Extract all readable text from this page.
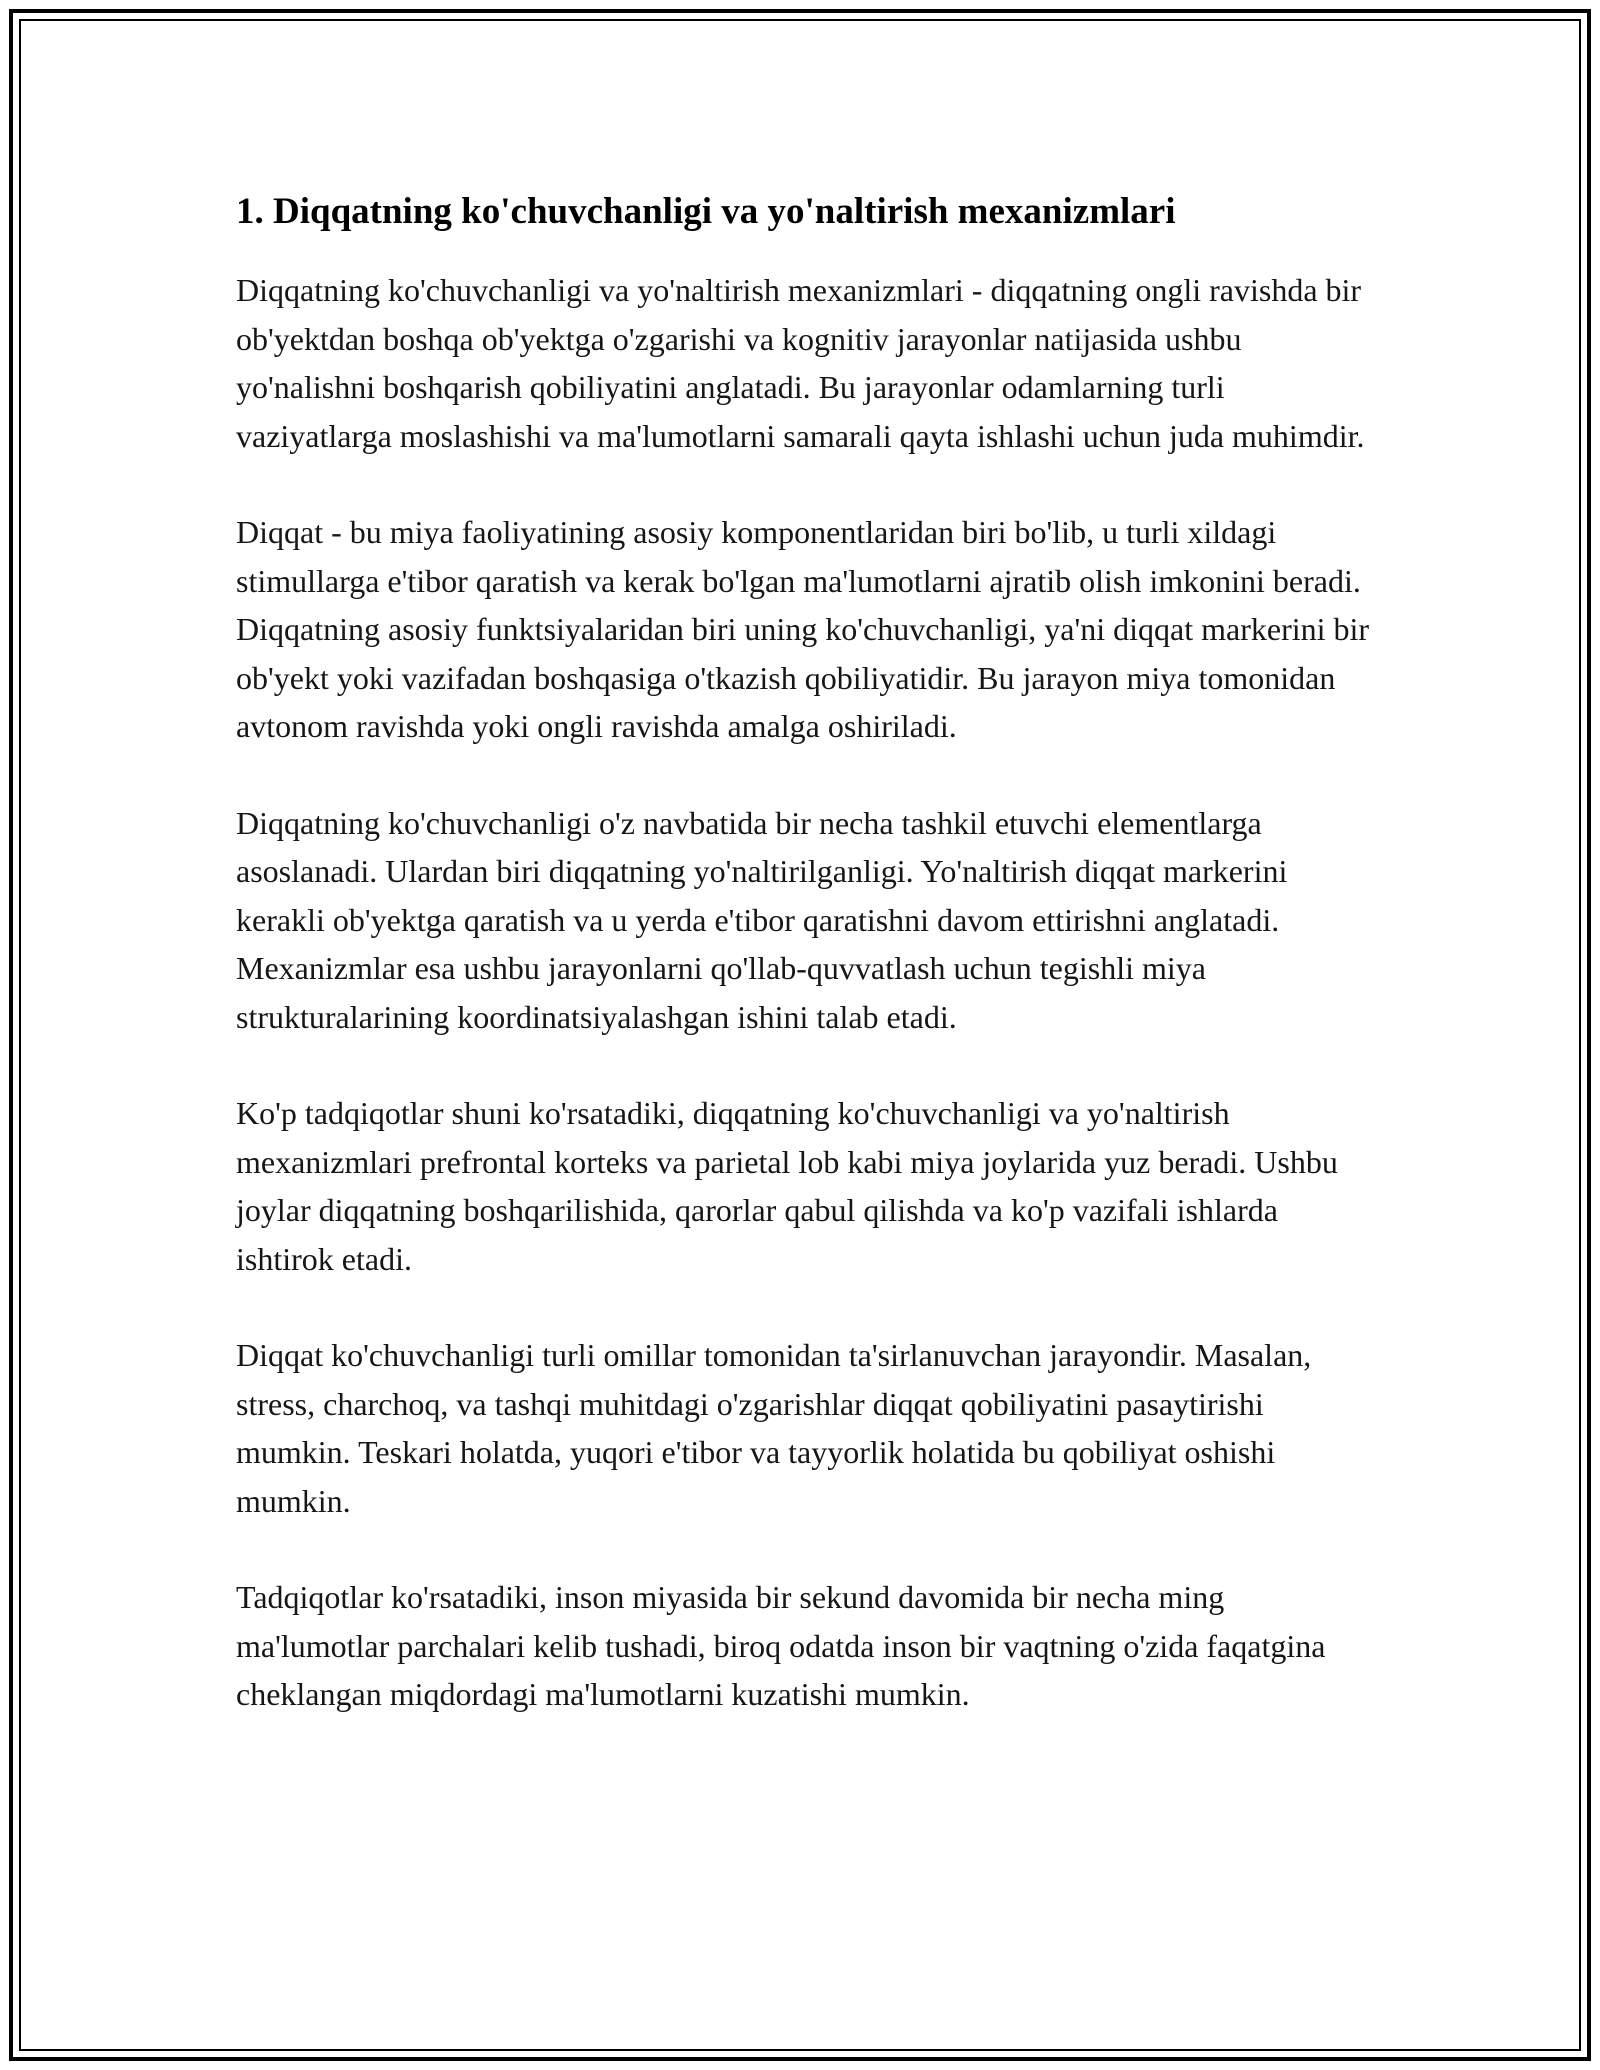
1. Diqqatning ko'chuvchanligi va yo'naltirish mexanizmlari

Diqqatning ko'chuvchanligi va yo'naltirish mexanizmlari - diqqatning ongli ravishda bir ob'yektdan boshqa ob'yektga o'zgarishi va kognitiv jarayonlar natijasida ushbu yo'nalishni boshqarish qobiliyatini anglatadi. Bu jarayonlar odamlarning turli vaziyatlarga moslashishi va ma'lumotlarni samarali qayta ishlashi uchun juda muhimdir.

Diqqat - bu miya faoliyatining asosiy komponentlaridan biri bo'lib, u turli xildagi stimullarga e'tibor qaratish va kerak bo'lgan ma'lumotlarni ajratib olish imkonini beradi. Diqqatning asosiy funktsiyalaridan biri uning ko'chuvchanligi, ya'ni diqqat markerini bir ob'yekt yoki vazifadan boshqasiga o'tkazish qobiliyatidir. Bu jarayon miya tomonidan avtonom ravishda yoki ongli ravishda amalga oshiriladi.

Diqqatning ko'chuvchanligi o'z navbatida bir necha tashkil etuvchi elementlarga asoslanadi. Ulardan biri diqqatning yo'naltirilganligi. Yo'naltirish diqqat markerini kerakli ob'yektga qaratish va u yerda e'tibor qaratishni davom ettirishni anglatadi. Mexanizmlar esa ushbu jarayonlarni qo'llab-quvvatlash uchun tegishli miya strukturalarining koordinatsiyalashgan ishini talab etadi.

Ko'p tadqiqotlar shuni ko'rsatadiki, diqqatning ko'chuvchanligi va yo'naltirish mexanizmlari prefrontal korteks va parietal lob kabi miya joylarida yuz beradi. Ushbu joylar diqqatning boshqarilishida, qarorlar qabul qilishda va ko'p vazifali ishlarda ishtirok etadi.

Diqqat ko'chuvchanligi turli omillar tomonidan ta'sirlanuvchan jarayondir. Masalan, stress, charchoq, va tashqi muhitdagi o'zgarishlar diqqat qobiliyatini pasaytirishi mumkin. Teskari holatda, yuqori e'tibor va tayyorlik holatida bu qobiliyat oshishi mumkin.

Tadqiqotlar ko'rsatadiki, inson miyasida bir sekund davomida bir necha ming ma'lumotlar parchalari kelib tushadi, biroq odatda inson bir vaqtning o'zida faqatgina cheklangan miqdordagi ma'lumotlarni kuzatishi mumkin.
